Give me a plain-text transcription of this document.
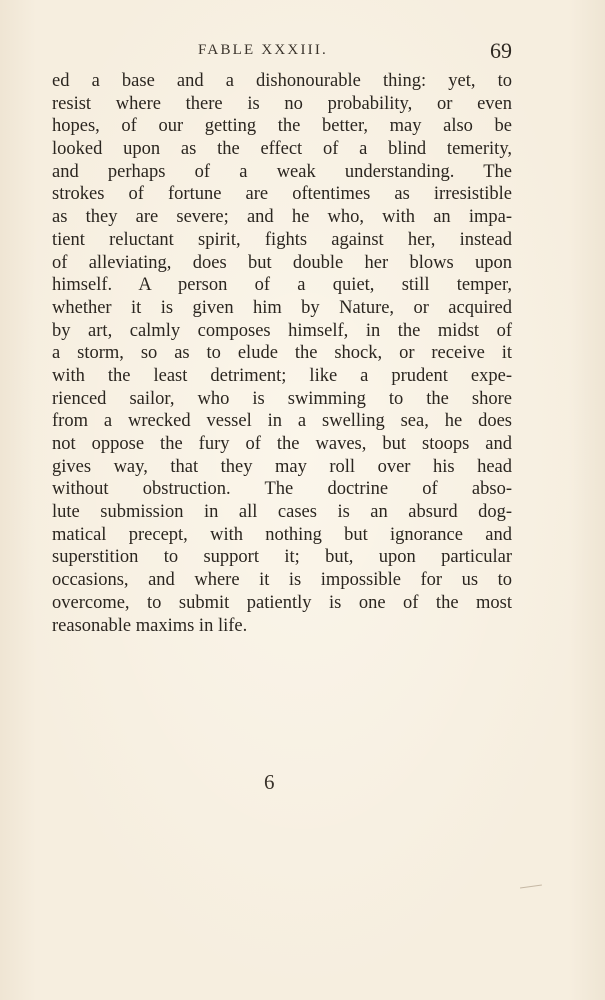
FABLE XXXIII.	69
ed a base and a dishonourable thing: yet, to
resist where there is no probability, or even
hopes, of our getting the better, may also be
looked upon as the effect of a blind temerity,
and perhaps of a weak understanding. The
strokes of fortune are oftentimes as irresistible
as they are severe; and he who, with an impa-
tient reluctant spirit, fights against her, instead
of alleviating, does but double her blows upon
himself. A person of a quiet, still temper,
whether it is given him by Nature, or acquired
by art, calmly composes himself, in the midst of
a storm, so as to elude the shock, or receive it
with the least detriment; like a prudent expe-
rienced sailor, who is swimming to the shore
from a wrecked vessel in a swelling sea, he does
not oppose the fury of the waves, but stoops and
gives way, that they may roll over his head
without obstruction. The doctrine of abso-
lute submission in all cases is an absurd dog-
matical precept, with nothing but ignorance and
superstition to support it; but, upon particular
occasions, and where it is impossible for us to
overcome, to submit patiently is one of the most
reasonable maxims in life.
6
